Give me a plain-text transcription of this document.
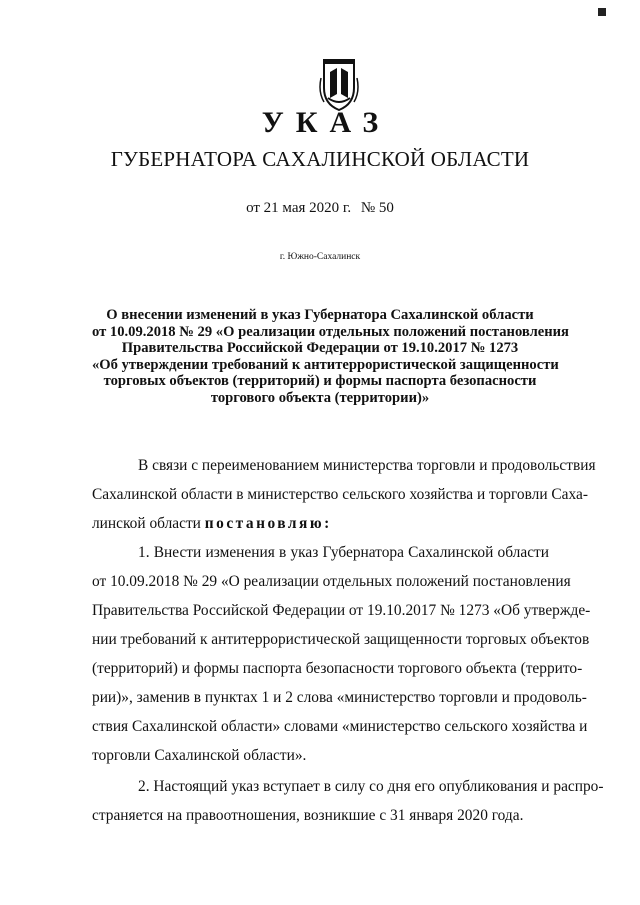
УКАЗ
ГУБЕРНАТОРА САХАЛИНСКОЙ ОБЛАСТИ
от 21 мая 2020 г. № 50
г. Южно-Сахалинск
О внесении изменений в указ Губернатора Сахалинской области
от 10.09.2018 № 29 «О реализации отдельных положений постановления
Правительства Российской Федерации от 19.10.2017 № 1273
«Об утверждении требований к антитеррористической защищенности
торговых объектов (территорий) и формы паспорта безопасности
торгового объекта (территории)»
В связи с переименованием министерства торговли и продовольствия
Сахалинской области в министерство сельского хозяйства и торговли Саха-
линской области постановляю:
1. Внести изменения в указ Губернатора Сахалинской области
от 10.09.2018 № 29 «О реализации отдельных положений постановления
Правительства Российской Федерации от 19.10.2017 № 1273 «Об утвержде-
нии требований к антитеррористической защищенности торговых объектов
(территорий) и формы паспорта безопасности торгового объекта (террито-
рии)», заменив в пунктах 1 и 2 слова «министерство торговли и продоволь-
ствия Сахалинской области» словами «министерство сельского хозяйства и
торговли Сахалинской области».
2. Настоящий указ вступает в силу со дня его опубликования и распро-
страняется на правоотношения, возникшие с 31 января 2020 года.
